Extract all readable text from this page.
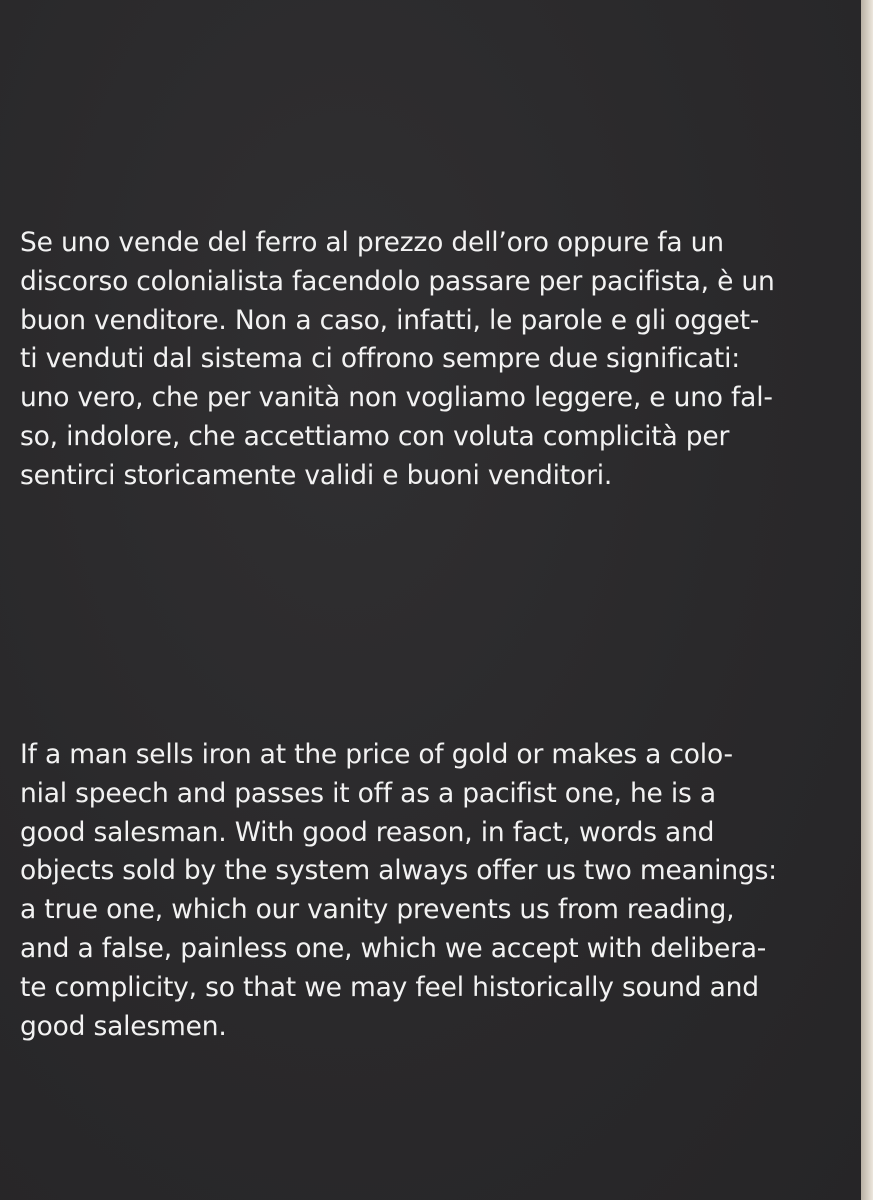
Se uno vende del ferro al prezzo dell’oro oppure fa un
discorso colonialista facendolo passare per pacifista, è un
buon venditore. Non a caso, infatti, le parole e gli ogget-
ti venduti dal sistema ci offrono sempre due significati:
uno vero, che per vanità non vogliamo leggere, e uno fal-
so, indolore, che accettiamo con voluta complicità per
sentirci storicamente validi e buoni venditori.

If a man sells iron at the price of gold or makes a colo-
nial speech and passes it off as a pacifist one, he is a
good salesman. With good reason, in fact, words and
objects sold by the system always offer us two meanings:
a true one, which our vanity prevents us from reading,
and a false, painless one, which we accept with delibera-
te complicity, so that we may feel historically sound and
good salesmen.
